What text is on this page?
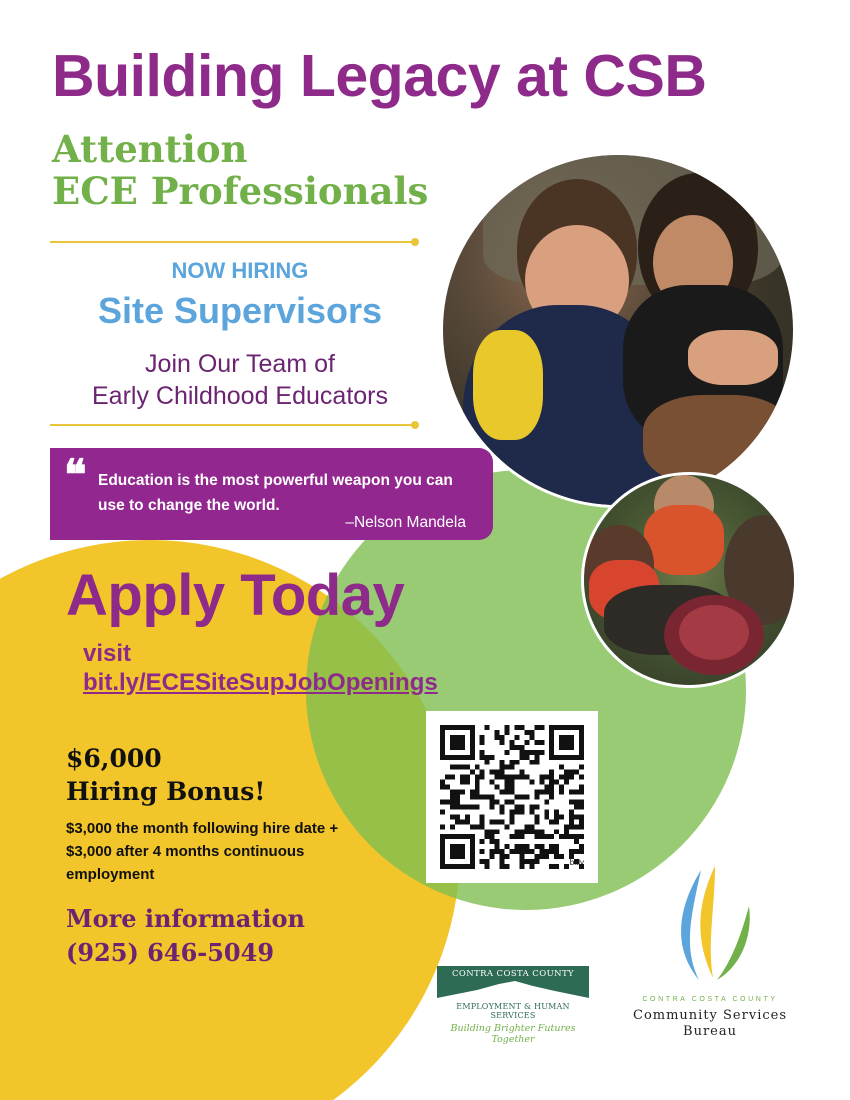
Building Legacy at CSB
Attention
ECE Professionals
NOW HIRING
Site Supervisors
Join Our Team of
Early Childhood Educators
❝ Education is the most powerful weapon you can use to change the world.
–Nelson Mandela
Apply Today
visit
bit.ly/ECESiteSupJobOpenings
$6,000
Hiring Bonus!
$3,000 the month following hire date + $3,000 after 4 months continuous employment
More information
(925) 646-5049
bitly
CONTRA COSTA COUNTY
EMPLOYMENT & HUMAN SERVICES
Building Brighter Futures Together
CONTRA COSTA COUNTY
Community Services
Bureau
